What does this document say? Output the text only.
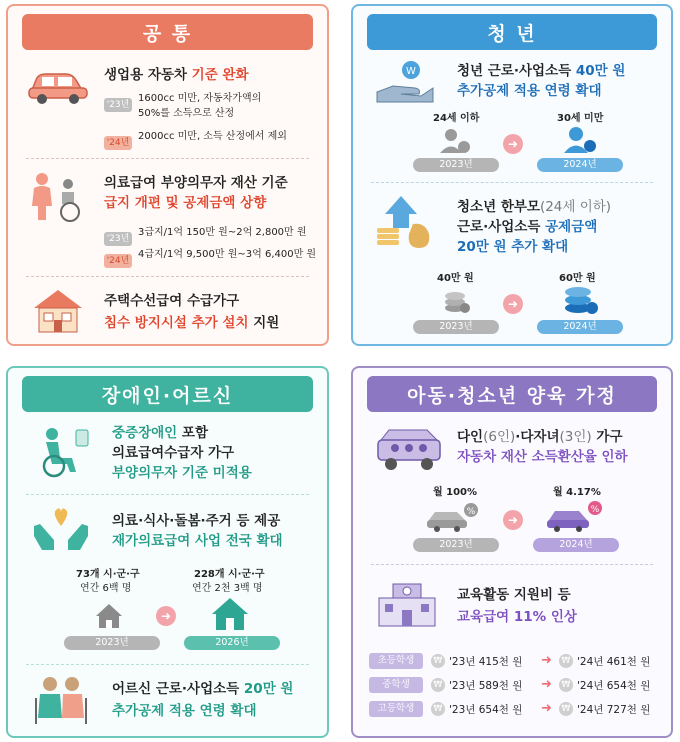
공 통
생업용 자동차 기준 완화
'23년
1600cc 미만, 자동차가액의
50%를 소득으로 산정
'24년
2000cc 미만, 소득 산정에서 제외
의료급여 부양의무자 재산 기준
급지 개편 및 공제금액 상향
'23년
3급지/1억 150만 원~2억 2,800만 원
'24년
4급지/1억 9,500만 원~3억 6,400만 원
주택수선급여 수급가구
침수 방지시설 추가 설치 지원
청 년
W	청년 근로·사업소득 40만 원
추가공제 적용 연령 확대
24세 이하	30세 미만
➜
2023년	2024년
청소년 한부모(24세 이하)
근로·사업소득 공제금액
20만 원 추가 확대
40만 원	60만 원
➜
2023년	2024년
장애인·어르신
중증장애인 포함
의료급여수급자 가구
부양의무자 기준 미적용
의료·식사·돌봄·주거 등 제공
재가의료급여 사업 전국 확대
73개 시·군·구
연간 6백 명
228개 시·군·구
연간 2천 3백 명
➜
2023년	2026년
어르신 근로·사업소득 20만 원
추가공제 적용 연령 확대
아동·청소년 양육 가정
다인(6인)·다자녀(3인) 가구
자동차 재산 소득환산율 인하
월 100%	월 4.17%
%
➜
%
2023년	2024년
교육활동 지원비 등
교육급여 11% 인상
초등학생	₩ '23년 415천 원 ➜ ₩ '24년 461천 원
중학생	₩ '23년 589천 원 ➜ ₩ '24년 654천 원
고등학생	₩ '23년 654천 원 ➜ ₩ '24년 727천 원
